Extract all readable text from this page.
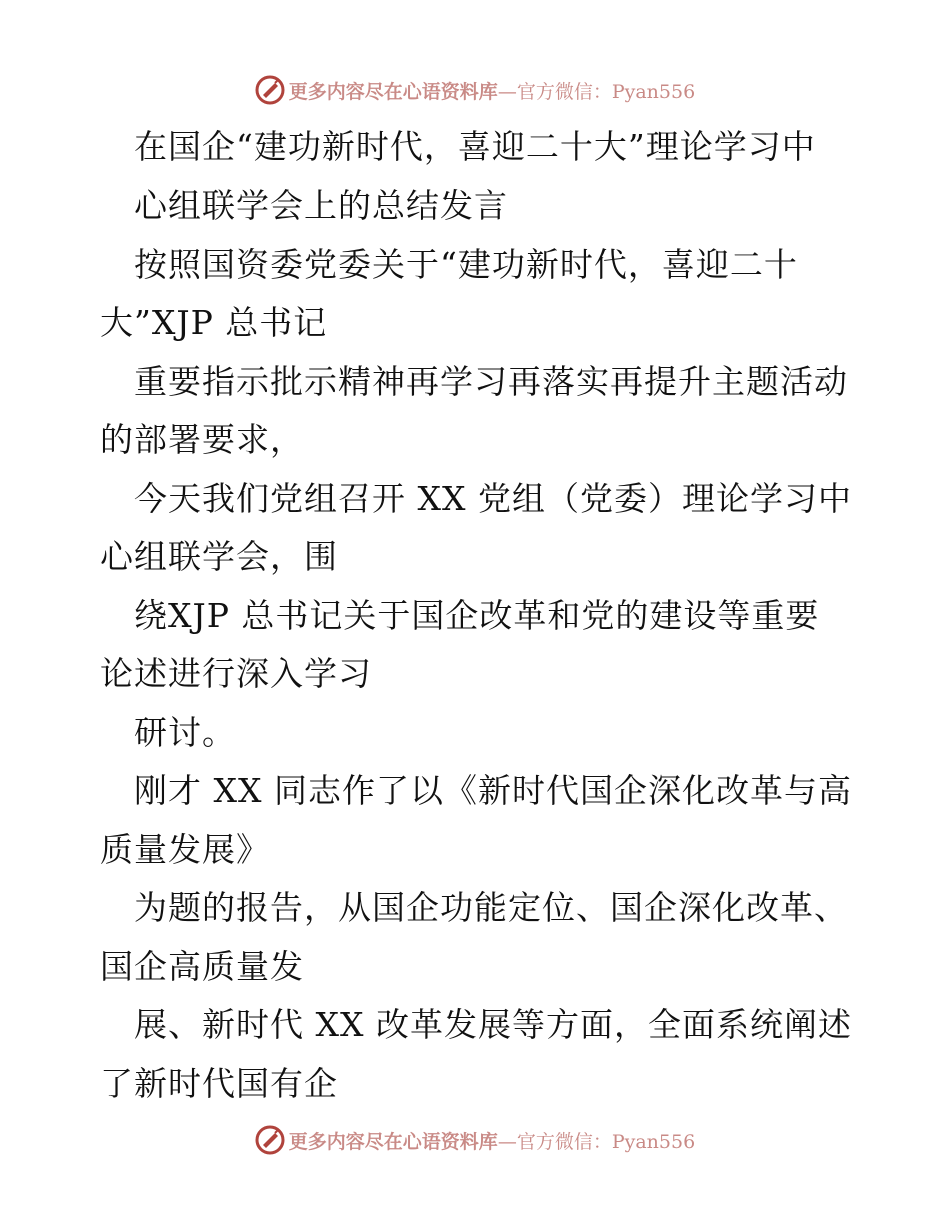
更多内容尽在心语资料库—官方微信：Pyan556
在国企“建功新时代，喜迎二十大”理论学习中
心组联学会上的总结发言
按照国资委党委关于“建功新时代，喜迎二十
大”XJP 总书记
重要指示批示精神再学习再落实再提升主题活动
的部署要求，
今天我们党组召开 XX 党组（党委）理论学习中
心组联学会，围
绕XJP 总书记关于国企改革和党的建设等重要
论述进行深入学习
研讨。
刚才 XX 同志作了以《新时代国企深化改革与高
质量发展》
为题的报告，从国企功能定位、国企深化改革、
国企高质量发
展、新时代 XX 改革发展等方面，全面系统阐述
了新时代国有企
更多内容尽在心语资料库—官方微信：Pyan556
